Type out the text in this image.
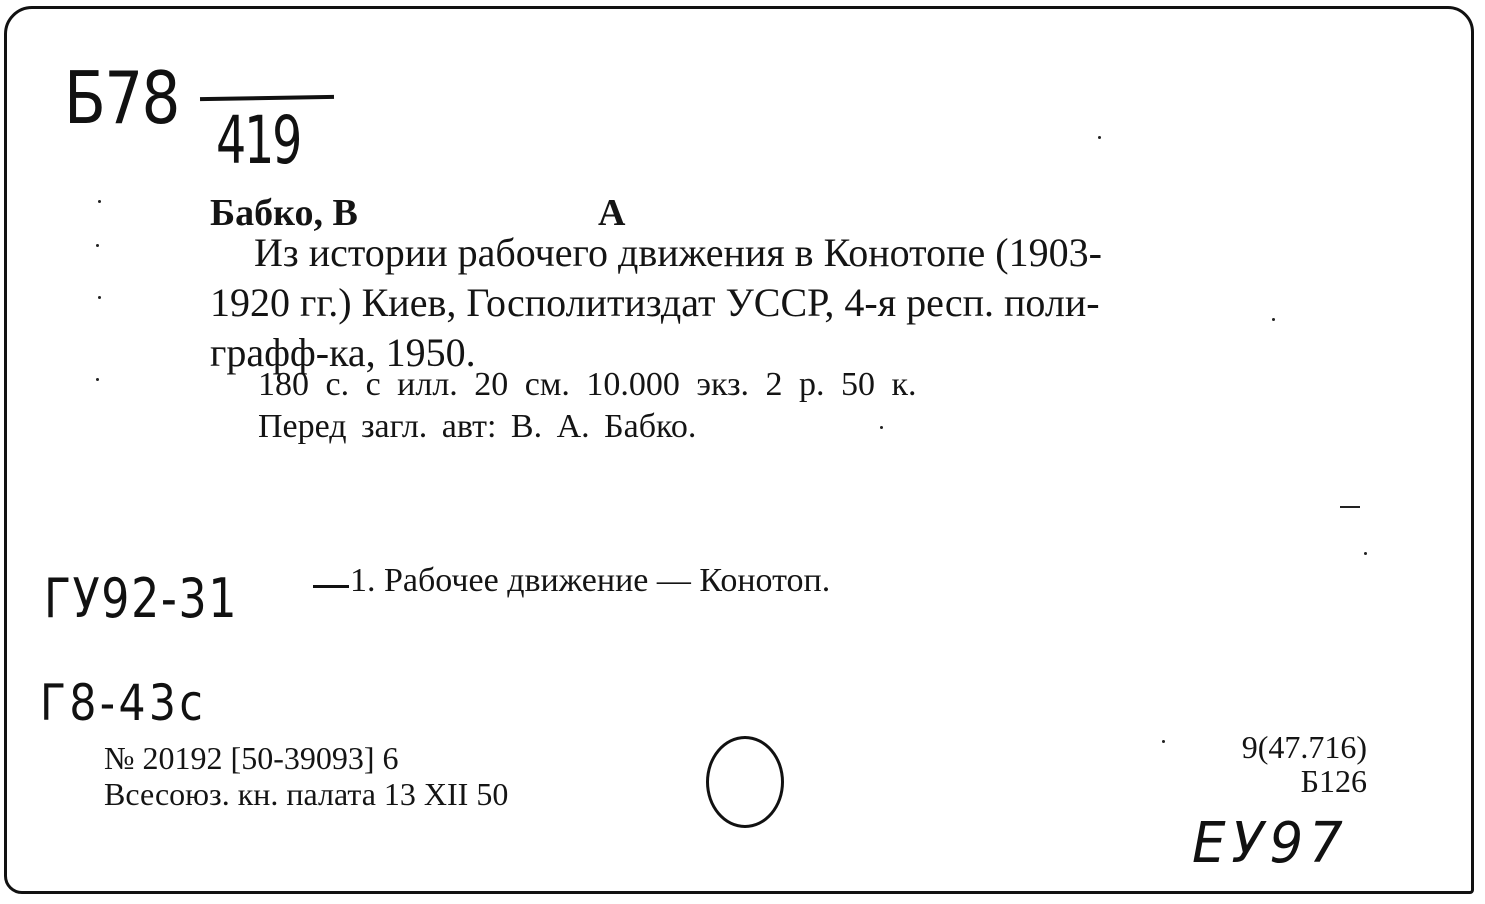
Б78
419
Бабко, В	А
Из истории рабочего движения в Конотопе (1903-
1920 гг.) Киев, Госполитиздат УССР, 4-я респ. поли-
графф-ка, 1950.
180 с. с илл. 20 см. 10.000 экз. 2 р. 50 к.
Перед загл. авт: В. А. Бабко.
ГУ92-31	1. Рабочее движение — Конотоп.
Г8-43с
№ 20192 [50-39093] 6
Всесоюз. кн. палата 13 XII 50
9(47.716)
Б126
ЕУ97
